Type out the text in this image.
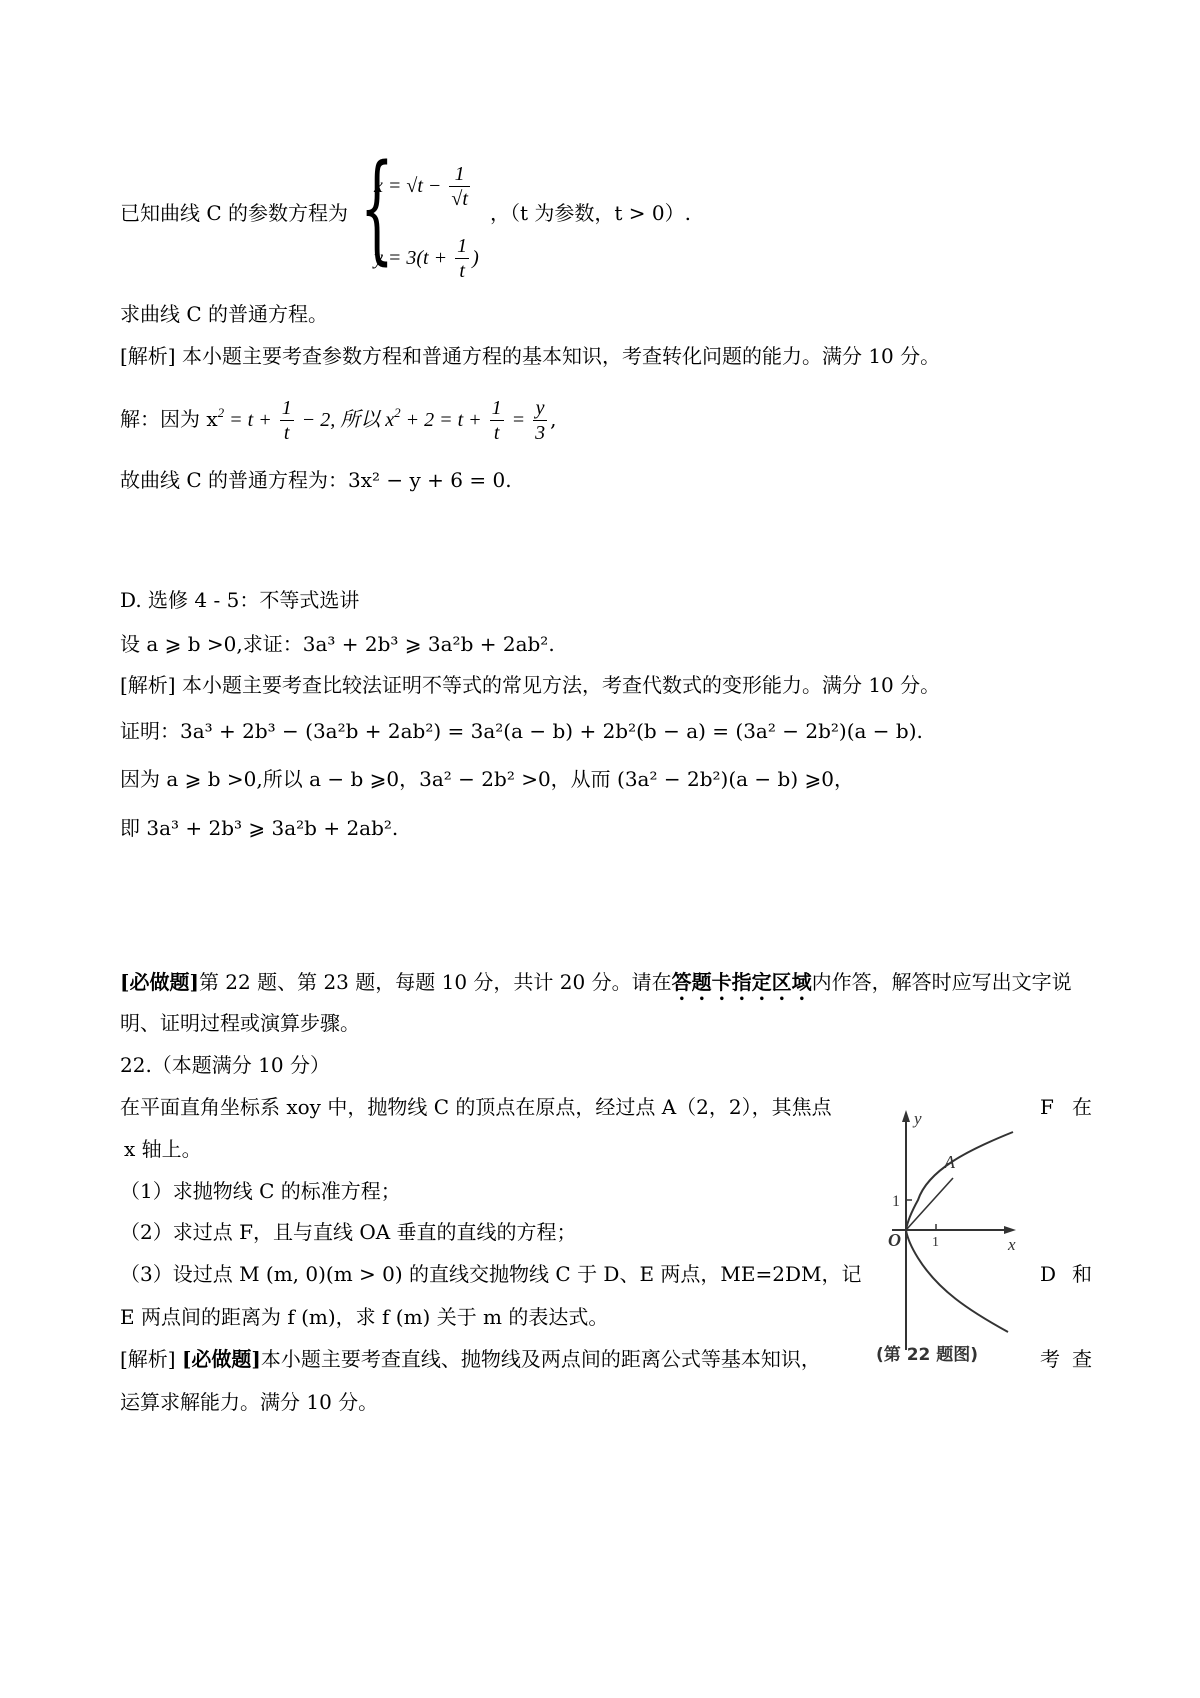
已知曲线 C 的参数方程为 {
$x = √t - \frac{1}{√t}$
$y = 3(t + \frac{1}{t}$ )
，（t 为参数，t > 0）.
求曲线 C 的普通方程。
[解析] 本小题主要考查参数方程和普通方程的基本知识，考查转化问题的能力。满分 10 分。
解：因为 $x^2 = t + \frac{1}{t} - 2$, 所以 $x^2 + 2 = t + \frac{1}{t} = \frac{y}{3}$ ,
故曲线 C 的普通方程为：3x² − y + 6 = 0.
D. 选修 4 - 5：不等式选讲
设 a ⩾ b >0,求证：3a³ + 2b³ ⩾ 3a²b + 2ab².
[解析] 本小题主要考查比较法证明不等式的常见方法，考查代数式的变形能力。满分 10 分。
证明：3a³ + 2b³ − (3a²b + 2ab²) = 3a²(a − b) + 2b²(b − a) = (3a² − 2b²)(a − b).
因为 a ⩾ b >0,所以 a − b ⩾0，3a² − 2b² >0，从而 (3a² − 2b²)(a − b) ⩾0，
即 3a³ + 2b³ ⩾ 3a²b + 2ab².
[必做题]第 22 题、第 23 题，每题 10 分，共计 20 分。请在答题卡指定区域内作答，解答时应写出文字说
明、证明过程或演算步骤。
22.（本题满分 10 分）
在平面直角坐标系 xoy 中，抛物线 C 的顶点在原点，经过点 A（2，2），其焦点	F 在
x 轴上。
（1）求抛物线 C 的标准方程；
（2）求过点 F，且与直线 OA 垂直的直线的方程；
（3）设过点 M (m, 0)(m > 0) 的直线交抛物线 C 于 D、E 两点，ME=2DM，记	D 和
E 两点间的距离为 f (m)，求 f (m) 关于 m 的表达式。
[解析] [必做题]本小题主要考查直线、抛物线及两点间的距离公式等基本知识，	考 查
运算求解能力。满分 10 分。
y
x
O
A
1
1
(第 22 题图)
